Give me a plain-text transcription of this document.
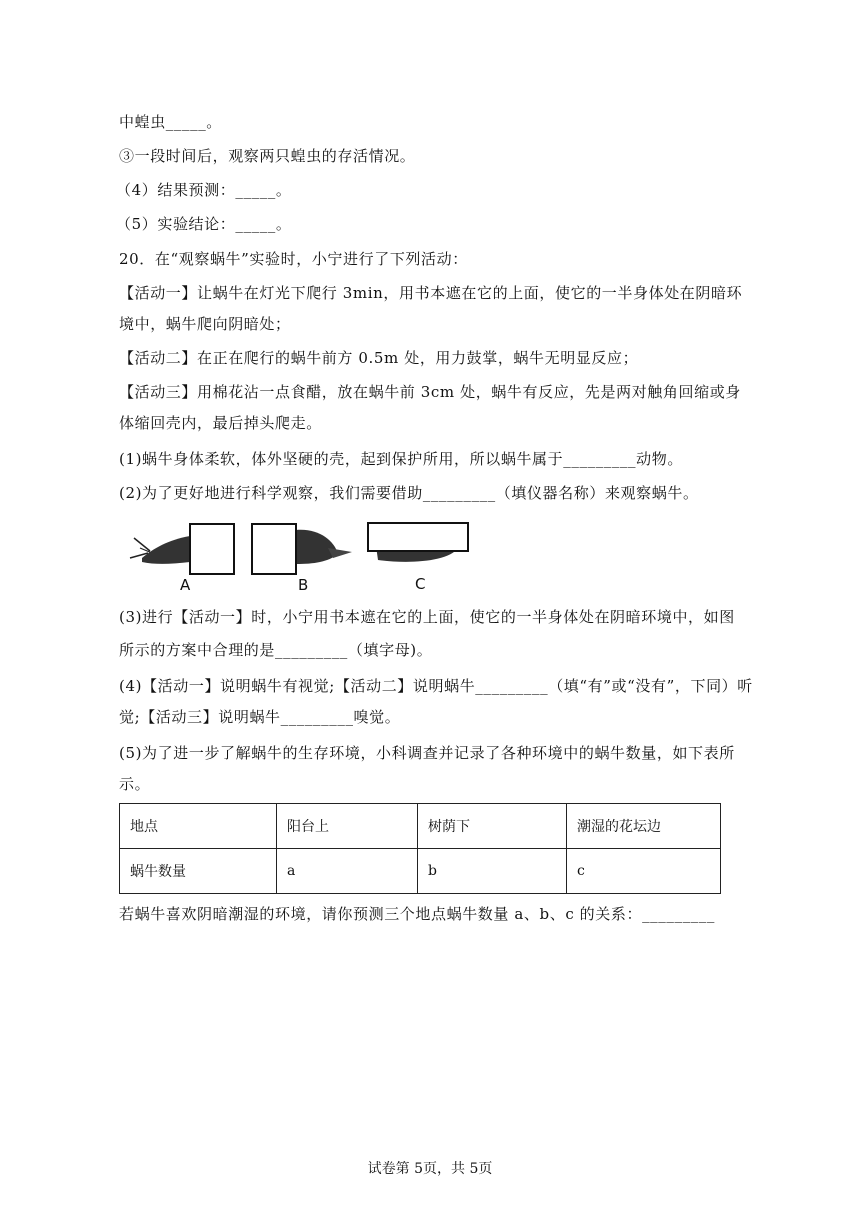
中蝗虫_____。
③一段时间后，观察两只蝗虫的存活情况。
（4）结果预测：_____。
（5）实验结论：_____。
20．在“观察蜗牛”实验时，小宁进行了下列活动：
【活动一】让蜗牛在灯光下爬行 3min，用书本遮在它的上面，使它的一半身体处在阴暗环
境中，蜗牛爬向阴暗处；
【活动二】在正在爬行的蜗牛前方 0.5m 处，用力鼓掌，蜗牛无明显反应；
【活动三】用棉花沾一点食醋，放在蜗牛前 3cm 处，蜗牛有反应，先是两对触角回缩或身
体缩回壳内，最后掉头爬走。
(1)蜗牛身体柔软，体外坚硬的壳，起到保护所用，所以蜗牛属于_________动物。
(2)为了更好地进行科学观察，我们需要借助_________（填仪器名称）来观察蜗牛。
A	B	C
(3)进行【活动一】时，小宁用书本遮在它的上面，使它的一半身体处在阴暗环境中，如图
所示的方案中合理的是_________（填字母)。
(4)【活动一】说明蜗牛有视觉;【活动二】说明蜗牛_________（填“有”或“没有”，下同）听
觉;【活动三】说明蜗牛_________嗅觉。
(5)为了进一步了解蜗牛的生存环境，小科调查并记录了各种环境中的蜗牛数量，如下表所
示。
地点	阳台上	树荫下	潮湿的花坛边
蜗牛数量	a	b	c
若蜗牛喜欢阴暗潮湿的环境，请你预测三个地点蜗牛数量 a、b、c 的关系：_________
试卷第 5页，共 5页
